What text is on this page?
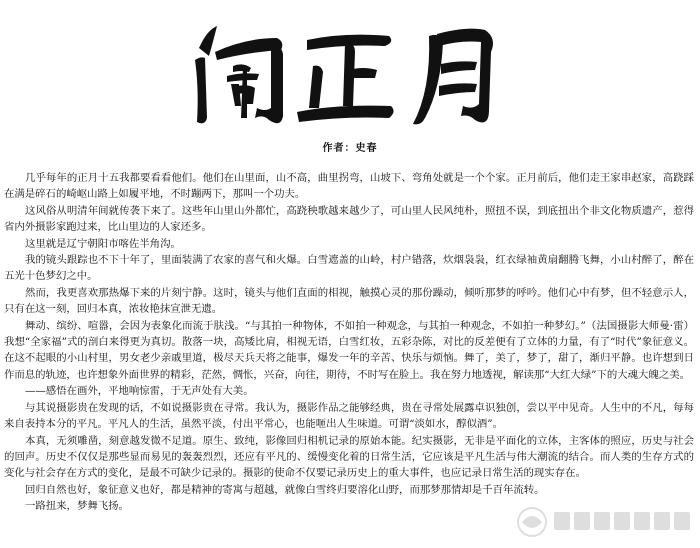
作者：史春

几乎每年的正月十五我都要看看他们。他们在山里面，山不高，曲里拐弯，山坡下、弯角处就是一个个家。正月前后，他们走王家串赵家，高跷踩在满是碎石的崎岖山路上如履平地，不时蹦两下，那叫一个功夫。

这风俗从明清年间就传袭下来了。这些年山里山外都忙，高跷秧歌越来越少了，可山里人民风纯朴，照扭不误，到底扭出个非文化物质遗产，惹得省内外摄影家跑过来，比山里边的人家还多。

这里就是辽宁朝阳市喀佐半角沟。

我的镜头跟踪也不下十年了，里面装满了农家的喜气和火爆。白雪遮盖的山岭，村户错落，炊烟袅袅，红衣绿袖黄扇翻腾飞舞，小山村醉了，醉在五光十色梦幻之中。

然而，我更喜欢那热爆下来的片刻宁静。这时，镜头与他们直面的相视，触摸心灵的那份躁动，倾听那梦的呼吟。他们心中有梦，但不轻意示人，只有在这一刻，回归本真，浓妆艳抹宣泄无遗。

舞动、缤纷、喧嚣，会因为表象化而流于肤浅。“与其拍一种物体，不如拍一种观念，与其拍一种观念，不如拍一种梦幻。”（法国摄影大师曼·雷）我想“全家福”式的剖白来得更为真切。散落一块，高矮比肩，相视无语，白雪红妆，五彩杂陈，对比的反差便有了立体的力量，有了“时代”象征意义。在这不起眼的小山村里，男女老少亲戚里道，极尽天兵天将之能事，爆发一年的辛苦、快乐与烦恼。舞了，美了，梦了，甜了，渐归平静。也许想到日作而息的轨迹，也许想象外面世界的精彩，茫然，惆怅，兴奋，向往，期待，不时写在脸上。我在努力地透视，解读那“大红大绿”下的大魂大魄之美。

——感悟在画外，平地响惊雷，于无声处有大美。

与其说摄影贵在发现的话，不如说摄影贵在寻常。我认为，摄影作品之能够经典，贵在寻常处展露卓识独创，尝以平中见奇。人生中的不凡，每每来自表持本分的平凡。平凡人的生活，虽然平淡，付出平常心，也能咂出人生味道。可谓“淡如水，醇似酒”。

本真，无须雕凿，刻意越发微不足道。原生、致纯，影像回归相机记录的原始本能。纪实摄影，无非是平面化的立体，主客体的照应，历史与社会的回声。历史不仅仅是那些显而易见的轰轰烈烈，还应有平凡的、缓慢变化着的日常生活，它应该是平凡生活与伟大潮流的结合。而人类的生存方式的变化与社会存在方式的变化，是最不可缺少记录的。摄影的使命不仅要记录历史上的重大事件，也应记录日常生活的现实存在。

回归自然也好，象征意义也好，都是精神的寄寓与超越，就像白雪终归要溶化山野，而那梦那情却是千百年流转。

一路扭来，梦舞飞扬。
